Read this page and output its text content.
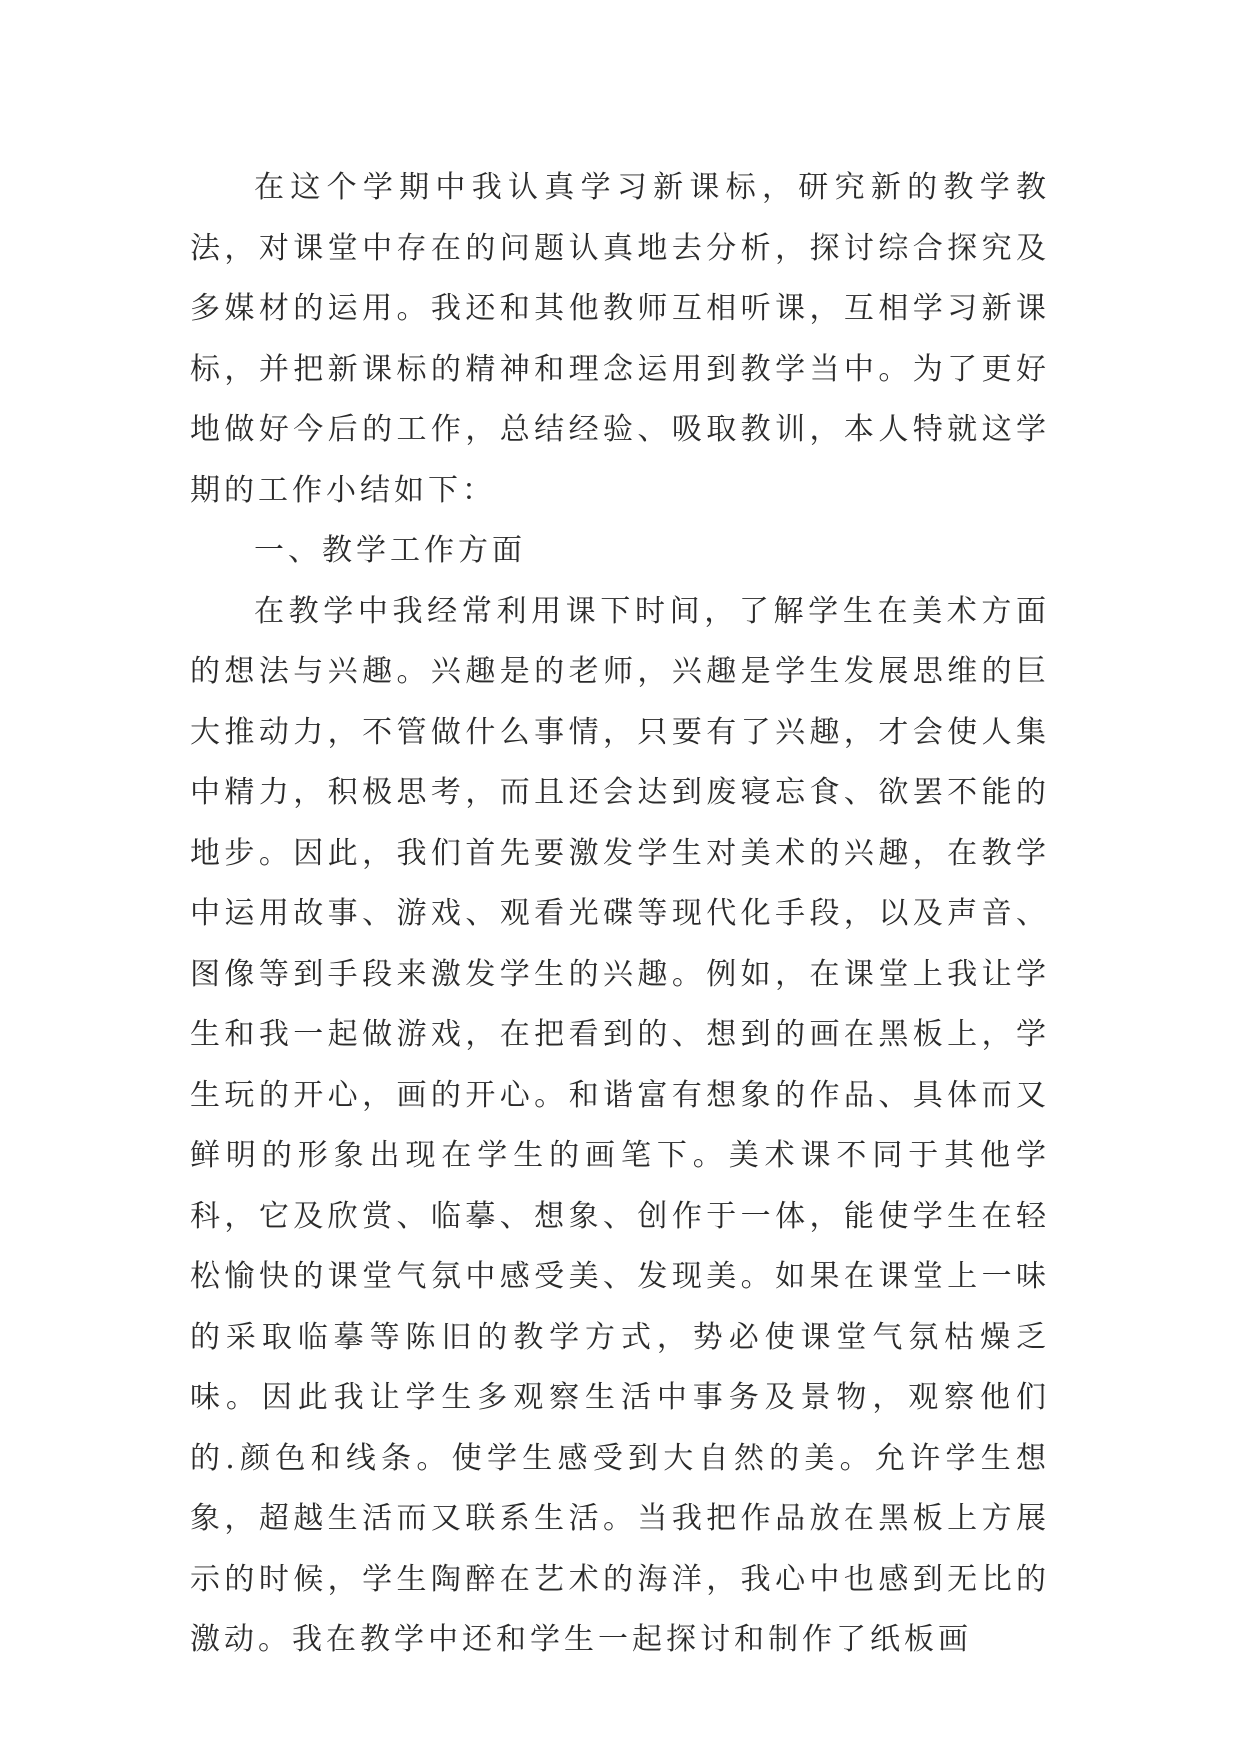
在这个学期中我认真学习新课标，研究新的教学教法，对课堂中存在的问题认真地去分析，探讨综合探究及多媒材的运用。我还和其他教师互相听课，互相学习新课标，并把新课标的精神和理念运用到教学当中。为了更好地做好今后的工作，总结经验、吸取教训，本人特就这学期的工作小结如下：

一、教学工作方面

在教学中我经常利用课下时间，了解学生在美术方面的想法与兴趣。兴趣是的老师，兴趣是学生发展思维的巨大推动力，不管做什么事情，只要有了兴趣，才会使人集中精力，积极思考，而且还会达到废寝忘食、欲罢不能的地步。因此，我们首先要激发学生对美术的兴趣，在教学中运用故事、游戏、观看光碟等现代化手段，以及声音、图像等到手段来激发学生的兴趣。例如，在课堂上我让学生和我一起做游戏，在把看到的、想到的画在黑板上，学生玩的开心，画的开心。和谐富有想象的作品、具体而又鲜明的形象出现在学生的画笔下。美术课不同于其他学科，它及欣赏、临摹、想象、创作于一体，能使学生在轻松愉快的课堂气氛中感受美、发现美。如果在课堂上一味的采取临摹等陈旧的教学方式，势必使课堂气氛枯燥乏味。因此我让学生多观察生活中事务及景物，观察他们的.颜色和线条。使学生感受到大自然的美。允许学生想象，超越生活而又联系生活。当我把作品放在黑板上方展示的时候，学生陶醉在艺术的海洋，我心中也感到无比的激动。我在教学中还和学生一起探讨和制作了纸板画
